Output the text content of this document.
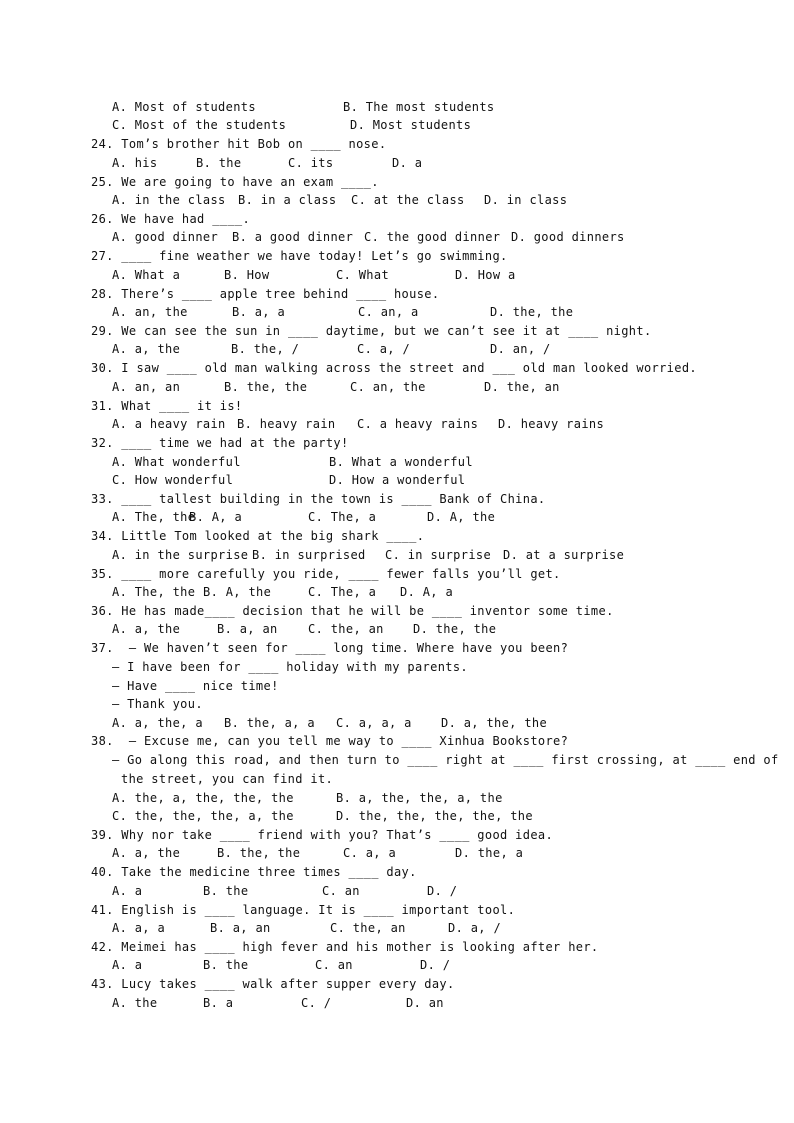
A. Most of students	B. The most students
C. Most of the students	D. Most students
24. Tom’s brother hit Bob on ____ nose.
A. his	B. the	C. its	D. a
25. We are going to have an exam ____.
A. in the class B. in a class C. at the class D. in class
26. We have had ____.
A. good dinner B. a good dinner C. the good dinner D. good dinners
27. ____ fine weather we have today! Let’s go swimming.
A. What a	B. How	C. What	D. How a
28. There’s ____ apple tree behind ____ house.
A. an, the	B. a, a	C. an, a	D. the, the
29. We can see the sun in ____ daytime, but we can’t see it at ____ night.
A. a, the	B. the, /	C. a, /	D. an, /
30. I saw ____ old man walking across the street and ___ old man looked worried.
A. an, an	B. the, the	C. an, the	D. the, an
31. What ____ it is!
A. a heavy rain B. heavy rain C. a heavy rains D. heavy rains
32. ____ time we had at the party!
A. What wonderful	B. What a wonderful
C. How wonderful	D. How a wonderful
33. ____ tallest building in the town is ____ Bank of China.
A. The, the
B. A, a	C. The, a	D. A, the
34. Little Tom looked at the big shark ____.
A. in the surprise B. in surprised C. in surprise D. at a surprise
35. ____ more carefully you ride, ____ fewer falls you’ll get.
A. The, the B. A, the	C. The, a D. A, a
36. He has made____ decision that he will be ____ inventor some time.
A. a, the	B. a, an	C. the, an D. the, the
37.  – We haven’t seen for ____ long time. Where have you been?
– I have been for ____ holiday with my parents.
– Have ____ nice time!
– Thank you.
A. a, the, a B. the, a, a C. a, a, a D. a, the, the
38.  – Excuse me, can you tell me way to ____ Xinhua Bookstore?
– Go along this road, and then turn to ____ right at ____ first crossing, at ____ end of
the street, you can find it.
A. the, a, the, the, the	B. a, the, the, a, the
C. the, the, the, a, the	D. the, the, the, the, the
39. Why nor take ____ friend with you? That’s ____ good idea.
A. a, the	B. the, the	C. a, a	D. the, a
40. Take the medicine three times ____ day.
A. a	B. the	C. an	D. /
41. English is ____ language. It is ____ important tool.
A. a, a	B. a, an	C. the, an	D. a, /
42. Meimei has ____ high fever and his mother is looking after her.
A. a	B. the	C. an	D. /
43. Lucy takes ____ walk after supper every day.
A. the	B. a	C. /	D. an
